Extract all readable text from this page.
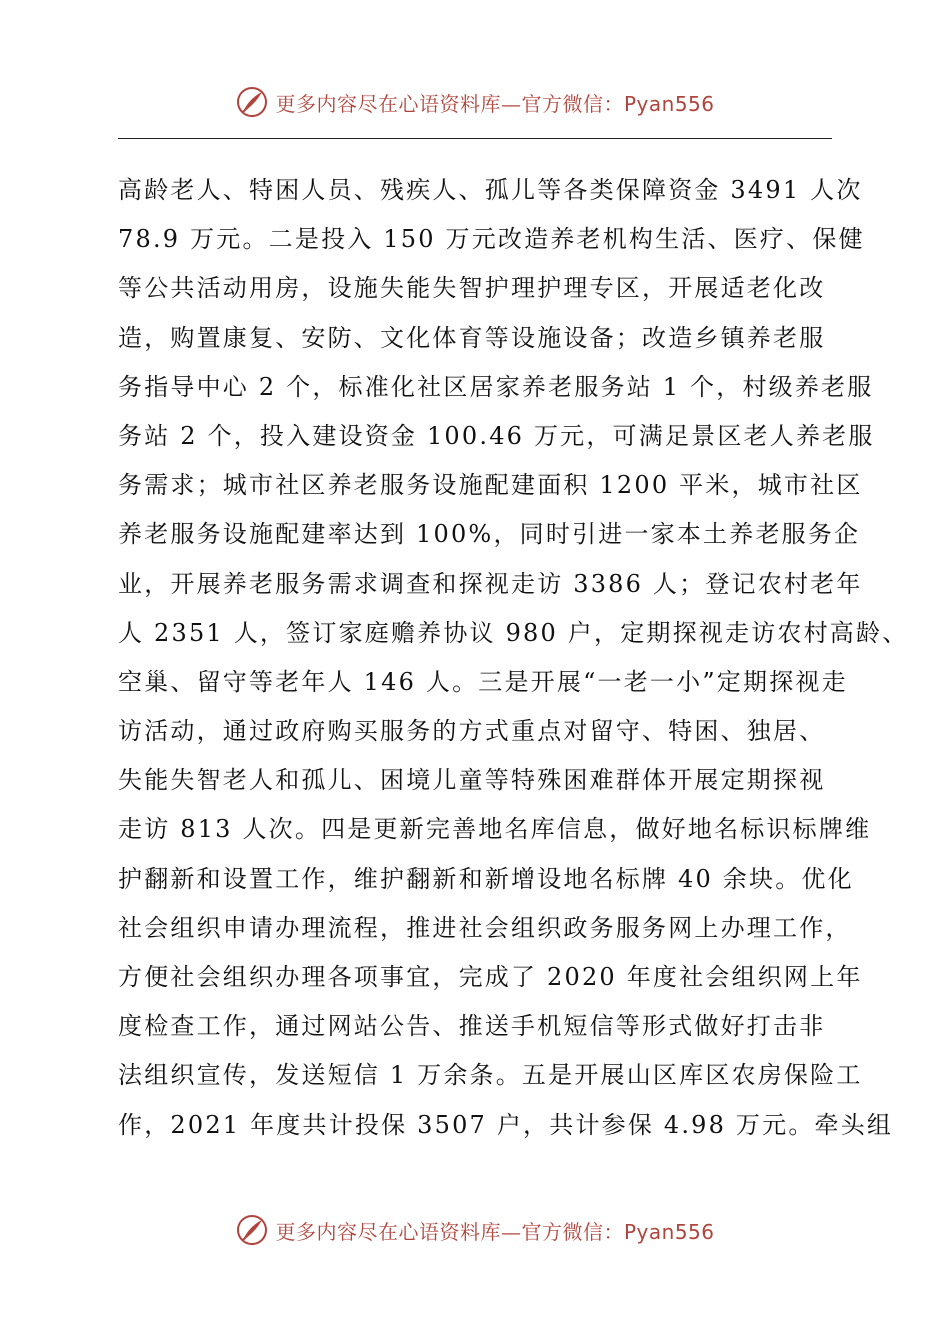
更多内容尽在心语资料库—官方微信：Pyan556
高龄老人、特困人员、残疾人、孤儿等各类保障资金 3491 人次
78.9 万元。二是投入 150 万元改造养老机构生活、医疗、保健
等公共活动用房，设施失能失智护理护理专区，开展适老化改
造，购置康复、安防、文化体育等设施设备；改造乡镇养老服
务指导中心 2 个，标准化社区居家养老服务站 1 个，村级养老服
务站 2 个，投入建设资金 100.46 万元，可满足景区老人养老服
务需求；城市社区养老服务设施配建面积 1200 平米，城市社区
养老服务设施配建率达到 100%，同时引进一家本土养老服务企
业，开展养老服务需求调查和探视走访 3386 人；登记农村老年
人 2351 人，签订家庭赡养协议 980 户，定期探视走访农村高龄、
空巢、留守等老年人 146 人。三是开展“一老一小”定期探视走
访活动，通过政府购买服务的方式重点对留守、特困、独居、
失能失智老人和孤儿、困境儿童等特殊困难群体开展定期探视
走访 813 人次。四是更新完善地名库信息，做好地名标识标牌维
护翻新和设置工作，维护翻新和新增设地名标牌 40 余块。优化
社会组织申请办理流程，推进社会组织政务服务网上办理工作，
方便社会组织办理各项事宜，完成了 2020 年度社会组织网上年
度检查工作，通过网站公告、推送手机短信等形式做好打击非
法组织宣传，发送短信 1 万余条。五是开展山区库区农房保险工
作，2021 年度共计投保 3507 户，共计参保 4.98 万元。牵头组
更多内容尽在心语资料库—官方微信：Pyan556
